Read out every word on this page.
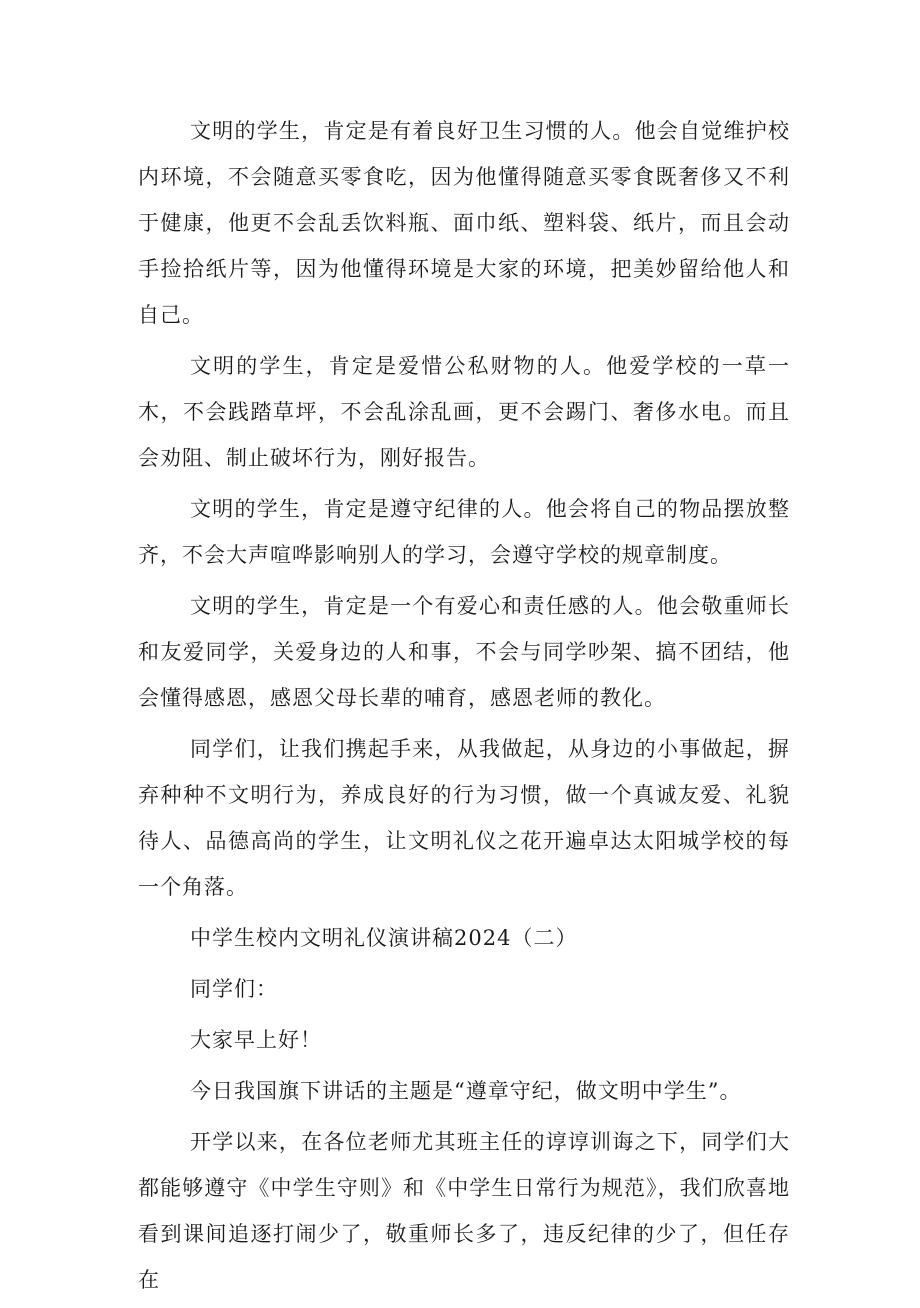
文明的学生，肯定是有着良好卫生习惯的人。他会自觉维护校内环境，不会随意买零食吃，因为他懂得随意买零食既奢侈又不利于健康，他更不会乱丢饮料瓶、面巾纸、塑料袋、纸片，而且会动手捡拾纸片等，因为他懂得环境是大家的环境，把美妙留给他人和自己。

文明的学生，肯定是爱惜公私财物的人。他爱学校的一草一木，不会践踏草坪，不会乱涂乱画，更不会踢门、奢侈水电。而且会劝阻、制止破坏行为，刚好报告。

文明的学生，肯定是遵守纪律的人。他会将自己的物品摆放整齐，不会大声喧哗影响别人的学习，会遵守学校的规章制度。

文明的学生，肯定是一个有爱心和责任感的人。他会敬重师长和友爱同学，关爱身边的人和事，不会与同学吵架、搞不团结，他会懂得感恩，感恩父母长辈的哺育，感恩老师的教化。

同学们，让我们携起手来，从我做起，从身边的小事做起，摒弃种种不文明行为，养成良好的行为习惯，做一个真诚友爱、礼貌待人、品德高尚的学生，让文明礼仪之花开遍卓达太阳城学校的每一个角落。

中学生校内文明礼仪演讲稿2024（二）

同学们：

大家早上好！

今日我国旗下讲话的主题是“遵章守纪，做文明中学生”。

开学以来，在各位老师尤其班主任的谆谆训诲之下，同学们大都能够遵守《中学生守则》和《中学生日常行为规范》，我们欣喜地看到课间追逐打闹少了，敬重师长多了，违反纪律的少了，但任存在
